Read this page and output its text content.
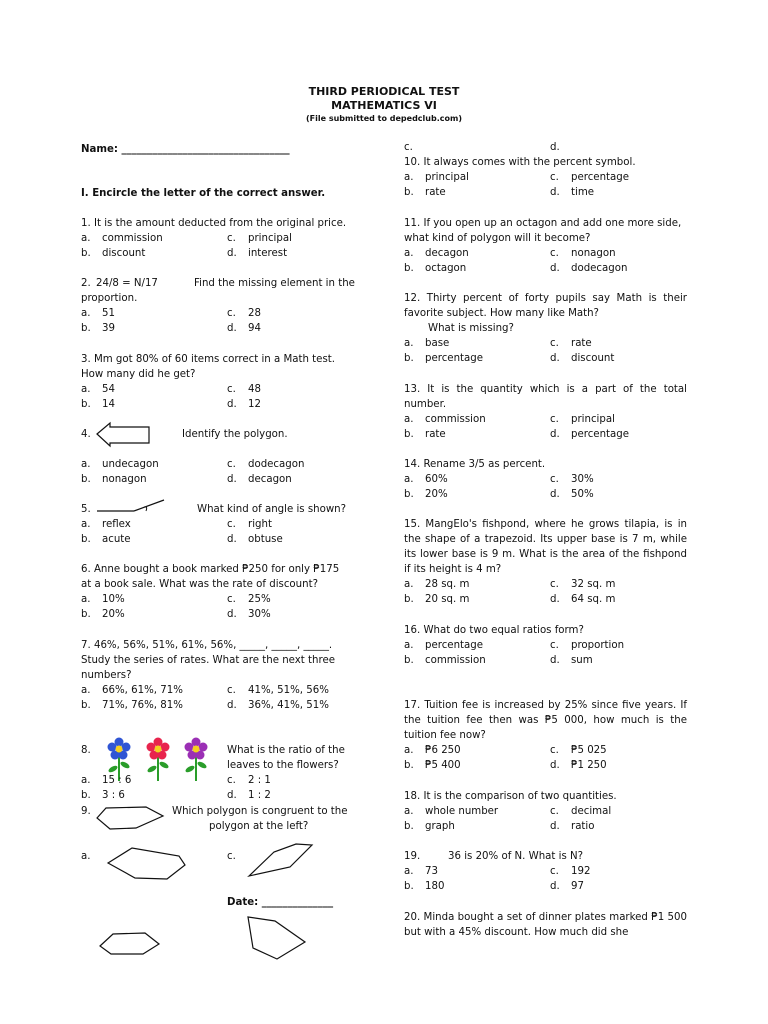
THIRD PERIODICAL TEST
MATHEMATICS VI
(File submitted to depedclub.com)
Name: _________________________________
I. Encircle the letter of the correct answer.
1. It is the amount deducted from the original price.
a. commission	c. principal
b. discount	d. interest
2. 24/8 = N/17	Find the missing element in the
proportion.
a. 51	c. 28
b. 39	d. 94
3. Mm got 80% of 60 items correct in a Math test.
How many did he get?
a. 54	c. 48
b. 14	d. 12
4.	Identify the polygon.
a. undecagon	c. dodecagon
b. nonagon	d. decagon
5.	What kind of angle is shown?
a. reflex	c. right
b. acute	d. obtuse
6. Anne bought a book marked ₱250 for only ₱175
at a book sale. What was the rate of discount?
a. 10%	c. 25%
b. 20%	d. 30%
7. 46%, 56%, 51%, 61%, 56%, _____, _____, _____.
Study the series of rates. What are the next three
numbers?
a. 66%, 61%, 71%	c. 41%, 51%, 56%
b. 71%, 76%, 81%	d. 36%, 41%, 51%
8.	What is the ratio of the
leaves to the flowers?
a. 15 : 6	c. 2 : 1
b. 3 : 6	d. 1 : 2
9.	Which polygon is congruent to the
polygon at the left?
a.	c.
Date: ______________
c.	d.
10. It always comes with the percent symbol.
a. principal	c. percentage
b. rate	d. time
11. If you open up an octagon and add one more side,
what kind of polygon will it become?
a. decagon	c. nonagon
b. octagon	d. dodecagon
12. Thirty percent of forty pupils say Math is their favorite subject. How many like Math?
What is missing?
a. base	c. rate
b. percentage	d. discount
13. It is the quantity which is a part of the total number.
a. commission	c. principal
b. rate	d. percentage
14. Rename 3/5 as percent.
a. 60%	c. 30%
b. 20%	d. 50%
15. MangElo's fishpond, where he grows tilapia, is in the shape of a trapezoid. Its upper base is 7 m, while its lower base is 9 m. What is the area of the fishpond if its height is 4 m?
a. 28 sq. m	c. 32 sq. m
b. 20 sq. m	d. 64 sq. m
16. What do two equal ratios form?
a. percentage	c. proportion
b. commission	d. sum
17. Tuition fee is increased by 25% since five years. If the tuition fee then was ₱5 000, how much is the tuition fee now?
a. ₱6 250	c. ₱5 025
b. ₱5 400	d. ₱1 250
18. It is the comparison of two quantities.
a. whole number	c. decimal
b. graph	d. ratio
19.	36 is 20% of N. What is N?
a. 73	c. 192
b. 180	d. 97
20. Minda bought a set of dinner plates marked ₱1 500 but with a 45% discount. How much did she
